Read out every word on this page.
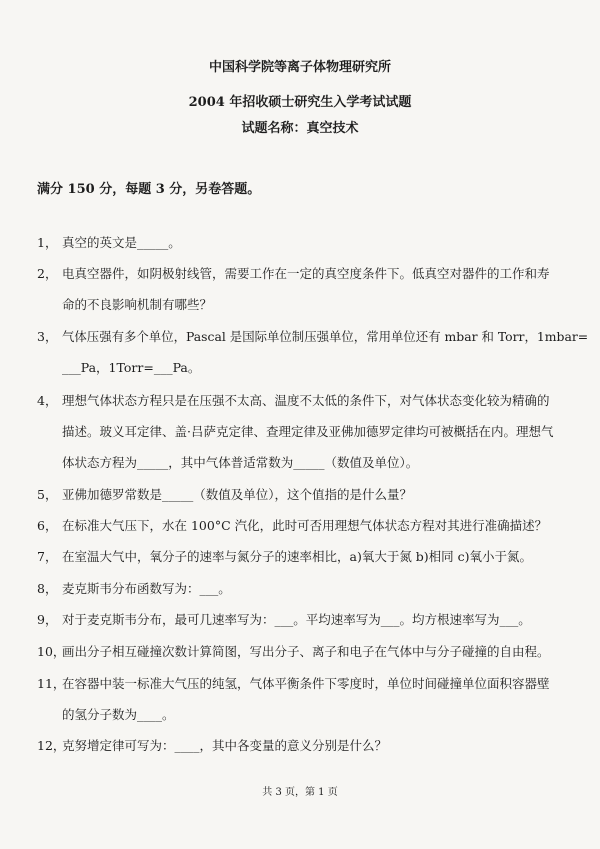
中国科学院等离子体物理研究所
2004 年招收硕士研究生入学考试试题
试题名称：真空技术
满分 150 分，每题 3 分，另卷答题。
1， 真空的英文是_____。
2， 电真空器件，如阴极射线管，需要工作在一定的真空度条件下。低真空对器件的工作和寿
命的不良影响机制有哪些？
3， 气体压强有多个单位，Pascal 是国际单位制压强单位，常用单位还有 mbar 和 Torr，1mbar=
___Pa，1Torr=___Pa。
4， 理想气体状态方程只是在压强不太高、温度不太低的条件下，对气体状态变化较为精确的
描述。玻义耳定律、盖·吕萨克定律、查理定律及亚佛加德罗定律均可被概括在内。理想气
体状态方程为_____，其中气体普适常数为_____（数值及单位）。
5， 亚佛加德罗常数是_____（数值及单位），这个值指的是什么量？
6， 在标准大气压下，水在 100°C 汽化，此时可否用理想气体状态方程对其进行准确描述？
7， 在室温大气中，氧分子的速率与氮分子的速率相比，a)氧大于氮 b)相同 c)氧小于氮。
8， 麦克斯韦分布函数写为：___。
9， 对于麦克斯韦分布，最可几速率写为：___。平均速率写为___。均方根速率写为___。
10，
画出分子相互碰撞次数计算简图，写出分子、离子和电子在气体中与分子碰撞的自由程。
11，
在容器中装一标准大气压的纯氢，气体平衡条件下零度时，单位时间碰撞单位面积容器壁
的氢分子数为____。
12，
克努增定律可写为：____，其中各变量的意义分别是什么？
共 3 页，第 1 页
